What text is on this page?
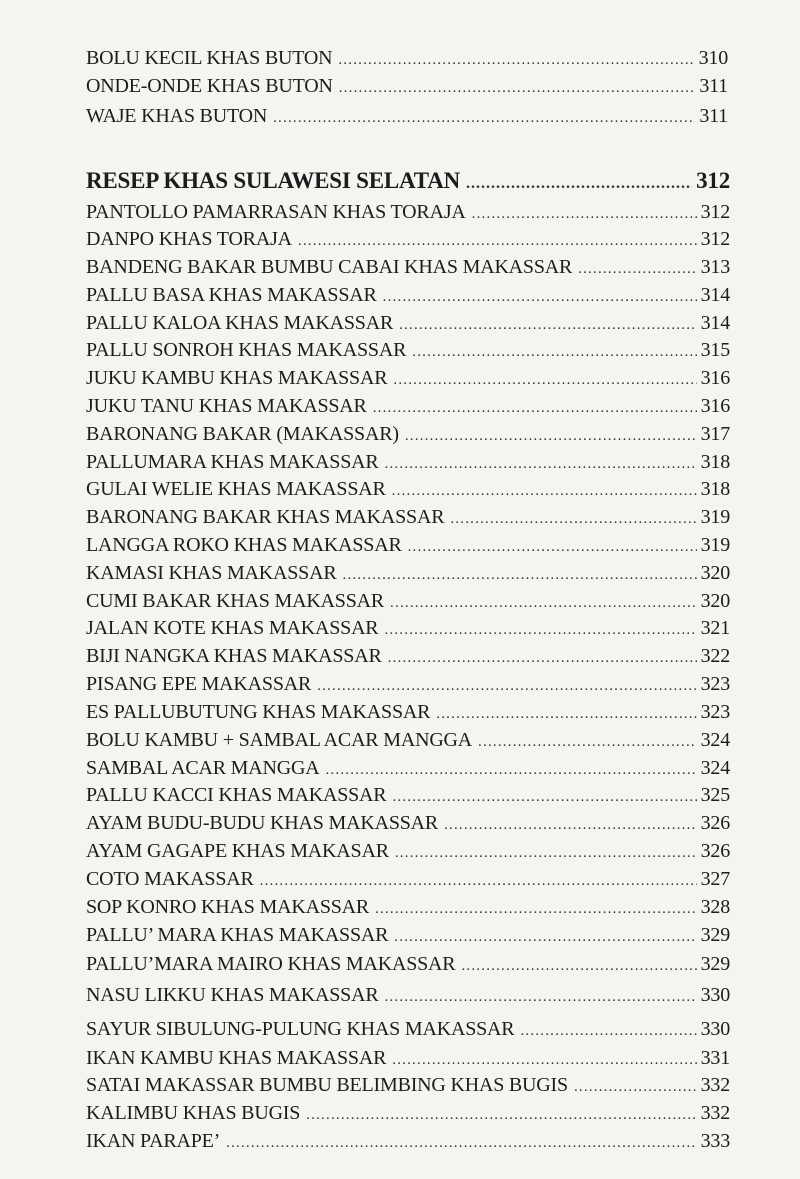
BOLU KECIL KHAS BUTON .....	310
ONDE-ONDE KHAS BUTON .....	311
WAJE KHAS BUTON .....	311
RESEP KHAS SULAWESI SELATAN .....	312
PANTOLLO PAMARRASAN KHAS TORAJA .....	312
DANPO KHAS TORAJA .....	312
BANDENG BAKAR BUMBU CABAI KHAS MAKASSAR .....	313
PALLU BASA KHAS MAKASSAR .....	314
PALLU KALOA KHAS MAKASSAR .....	314
PALLU SONROH KHAS MAKASSAR .....	315
JUKU KAMBU KHAS MAKASSAR .....	316
JUKU TANU KHAS MAKASSAR .....	316
BARONANG BAKAR (MAKASSAR) .....	317
PALLUMARA KHAS MAKASSAR .....	318
GULAI WELIE KHAS MAKASSAR .....	318
BARONANG BAKAR KHAS MAKASSAR .....	319
LANGGA ROKO KHAS MAKASSAR .....	319
KAMASI KHAS MAKASSAR .....	320
CUMI BAKAR KHAS MAKASSAR .....	320
JALAN KOTE KHAS MAKASSAR .....	321
BIJI NANGKA KHAS MAKASSAR .....	322
PISANG EPE MAKASSAR .....	323
ES PALLUBUTUNG KHAS MAKASSAR .....	323
BOLU KAMBU + SAMBAL ACAR MANGGA .....	324
SAMBAL ACAR MANGGA .....	324
PALLU KACCI KHAS MAKASSAR .....	325
AYAM BUDU-BUDU KHAS MAKASSAR .....	326
AYAM GAGAPE KHAS MAKASAR .....	326
COTO MAKASSAR .....	327
SOP KONRO KHAS MAKASSAR .....	328
PALLU’ MARA KHAS MAKASSAR .....	329
PALLU’MARA MAIRO KHAS MAKASSAR .....	329
NASU LIKKU KHAS MAKASSAR .....	330
SAYUR SIBULUNG-PULUNG KHAS MAKASSAR .....	330
IKAN KAMBU KHAS MAKASSAR .....	331
SATAI MAKASSAR BUMBU BELIMBING KHAS BUGIS .....	332
KALIMBU KHAS BUGIS .....	332
IKAN PARAPE’ .....	333
